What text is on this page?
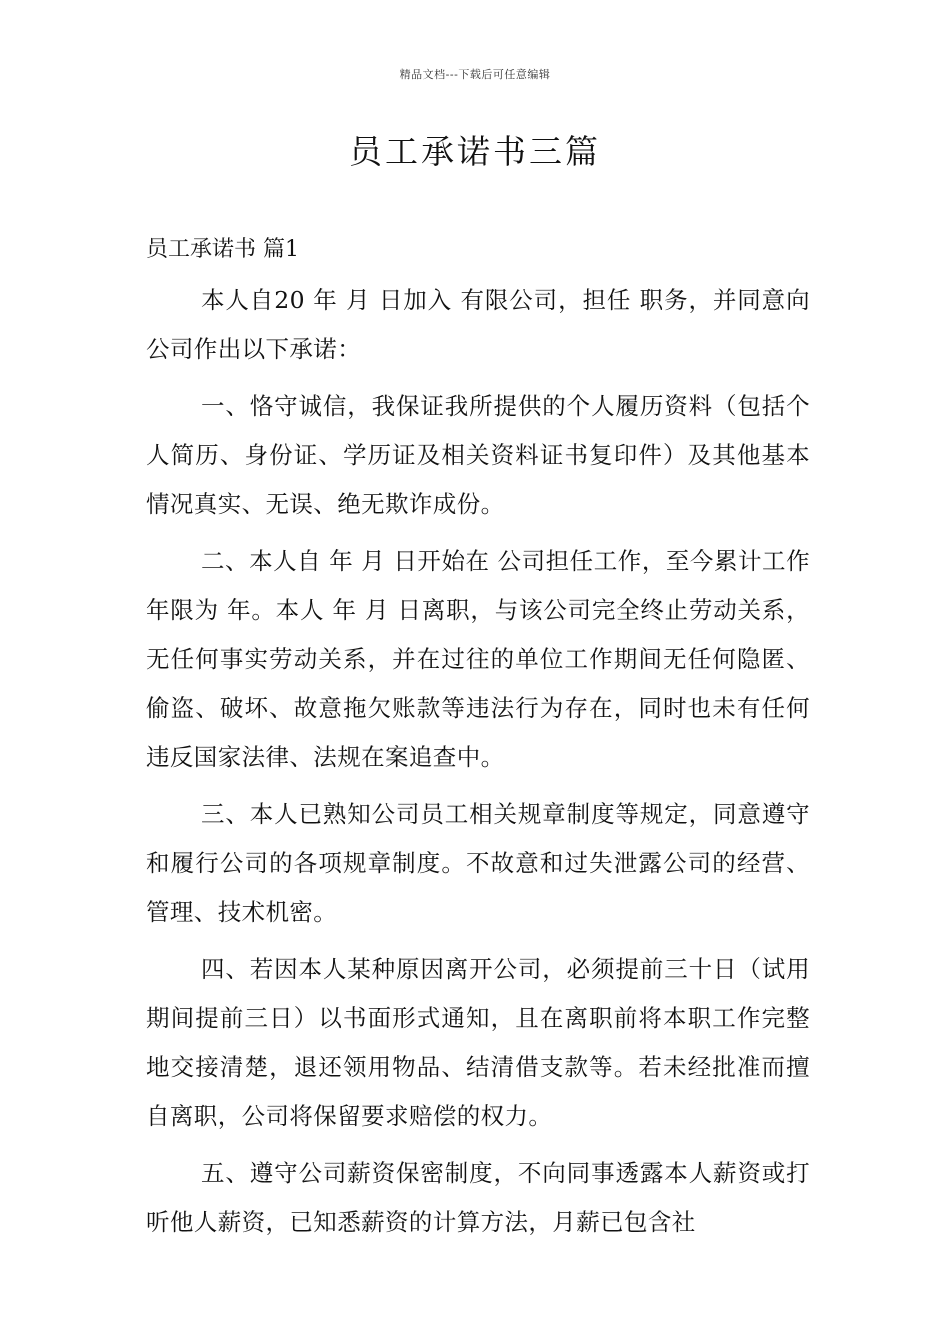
精品文档---下载后可任意编辑
员工承诺书三篇
员工承诺书 篇1

本人自20 年 月 日加入 有限公司，担任 职务，并同意向公司作出以下承诺：

一、恪守诚信，我保证我所提供的个人履历资料（包括个人简历、身份证、学历证及相关资料证书复印件）及其他基本情况真实、无误、绝无欺诈成份。

二、本人自 年 月 日开始在 公司担任工作，至今累计工作年限为 年。本人 年 月 日离职，与该公司完全终止劳动关系，无任何事实劳动关系，并在过往的单位工作期间无任何隐匿、偷盗、破坏、故意拖欠账款等违法行为存在，同时也未有任何违反国家法律、法规在案追查中。

三、本人已熟知公司员工相关规章制度等规定，同意遵守和履行公司的各项规章制度。不故意和过失泄露公司的经营、管理、技术机密。

四、若因本人某种原因离开公司，必须提前三十日（试用期间提前三日）以书面形式通知，且在离职前将本职工作完整地交接清楚，退还领用物品、结清借支款等。若未经批准而擅自离职，公司将保留要求赔偿的权力。

五、遵守公司薪资保密制度，不向同事透露本人薪资或打听他人薪资，已知悉薪资的计算方法，月薪已包含社
